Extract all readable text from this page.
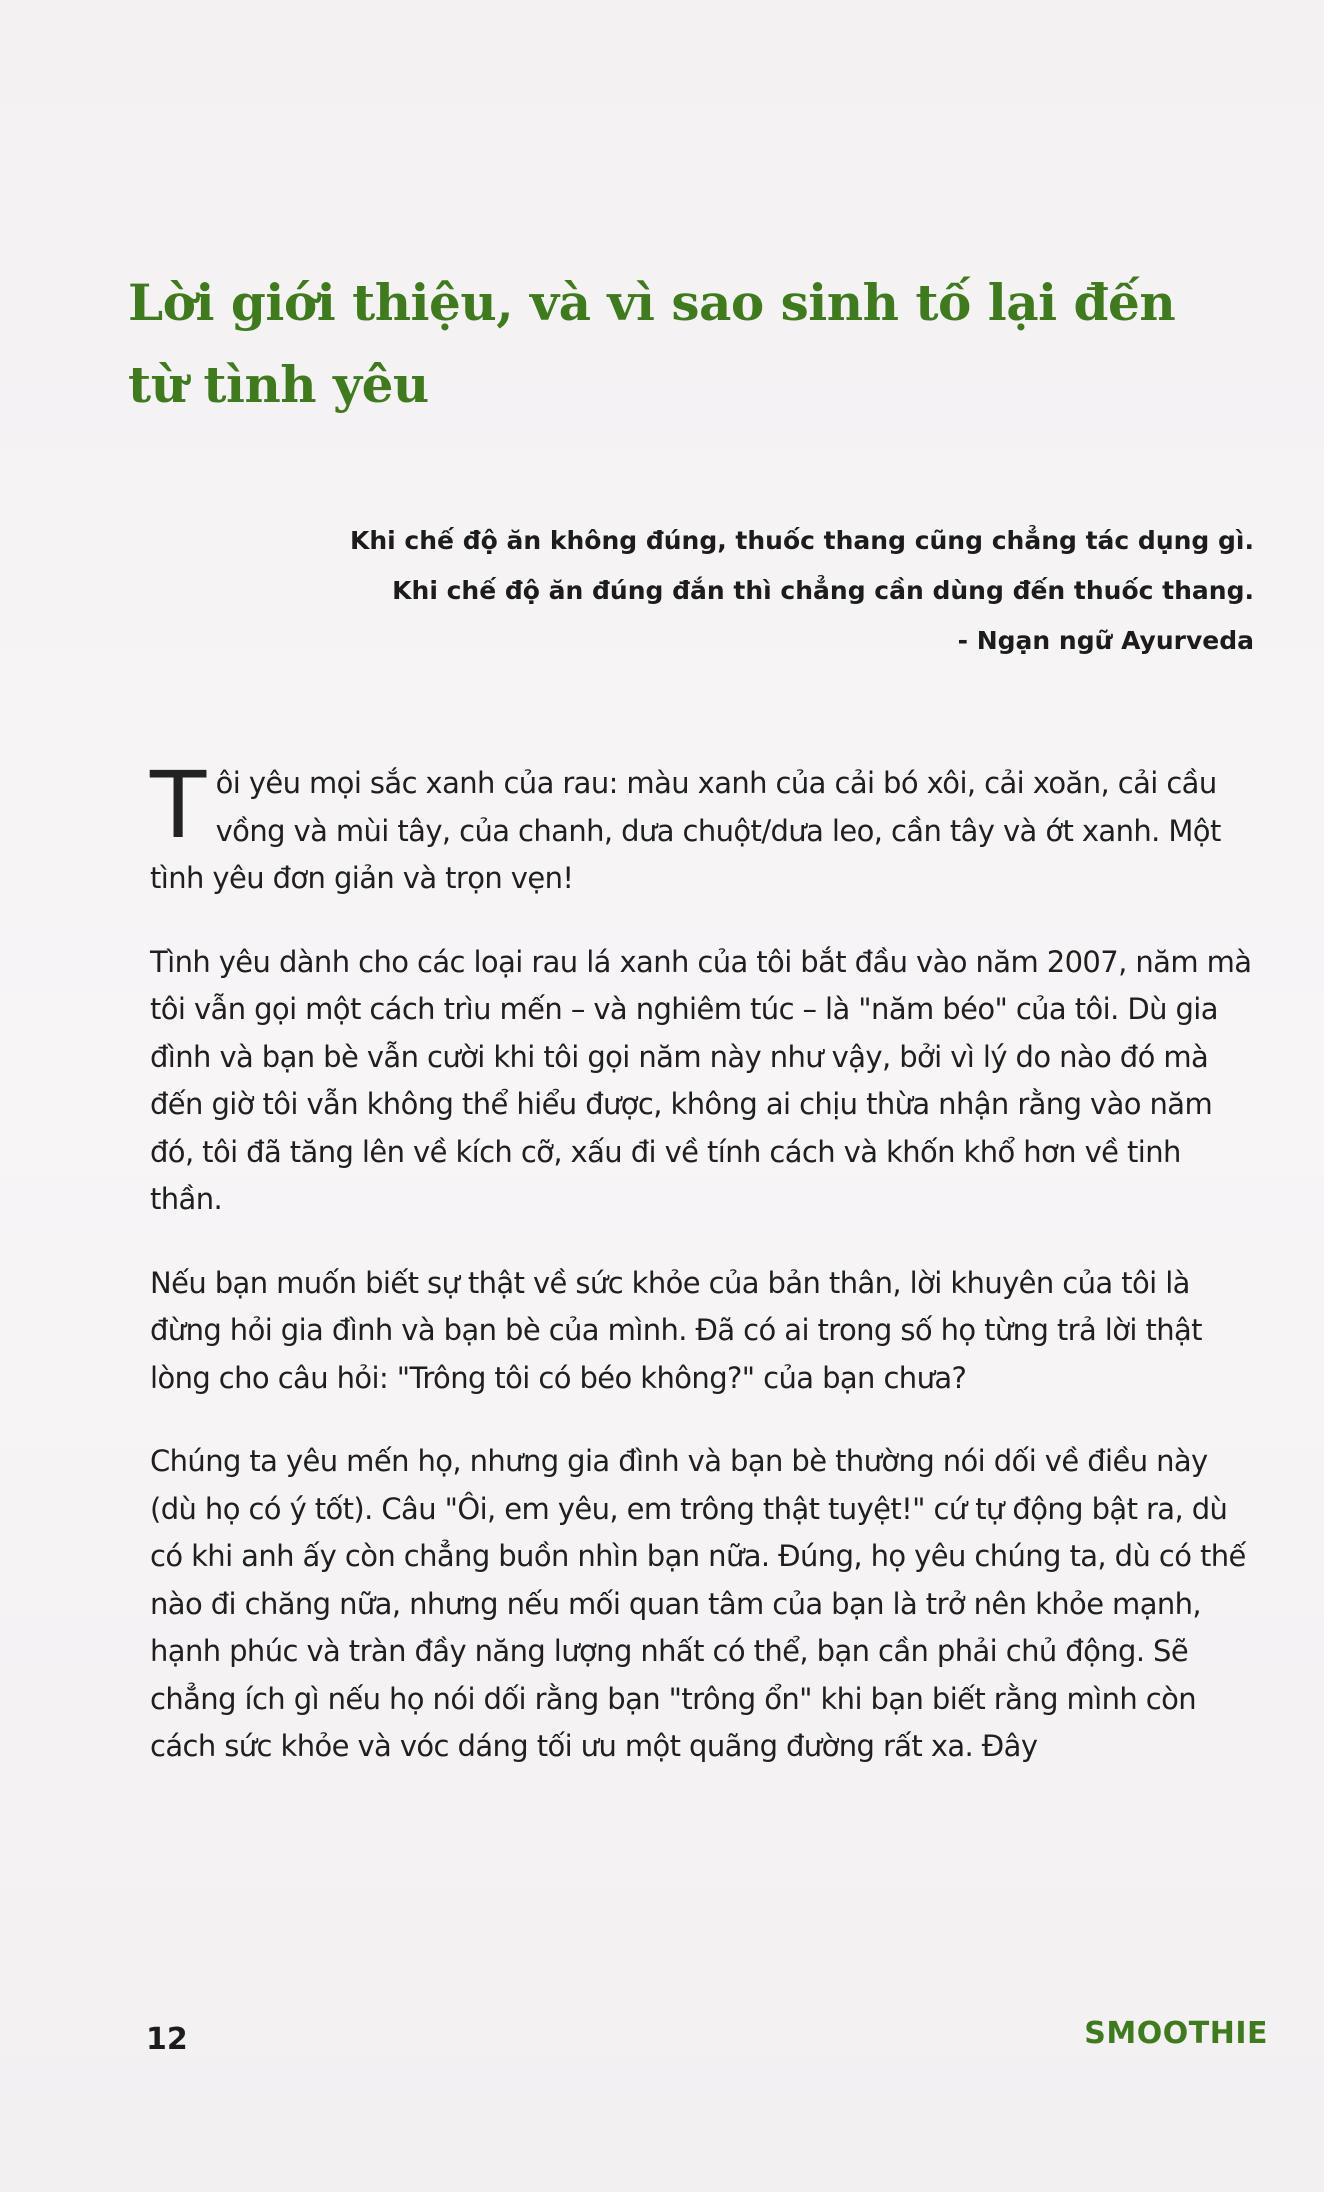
Lời giới thiệu, và vì sao sinh tố lại đến từ tình yêu
Khi chế độ ăn không đúng, thuốc thang cũng chẳng tác dụng gì.
Khi chế độ ăn đúng đắn thì chẳng cần dùng đến thuốc thang.
- Ngạn ngữ Ayurveda

Tôi yêu mọi sắc xanh của rau: màu xanh của cải bó xôi, cải xoăn, cải cầu vồng và mùi tây, của chanh, dưa chuột/dưa leo, cần tây và ớt xanh. Một tình yêu đơn giản và trọn vẹn!

Tình yêu dành cho các loại rau lá xanh của tôi bắt đầu vào năm 2007, năm mà tôi vẫn gọi một cách trìu mến – và nghiêm túc – là "năm béo" của tôi. Dù gia đình và bạn bè vẫn cười khi tôi gọi năm này như vậy, bởi vì lý do nào đó mà đến giờ tôi vẫn không thể hiểu được, không ai chịu thừa nhận rằng vào năm đó, tôi đã tăng lên về kích cỡ, xấu đi về tính cách và khốn khổ hơn về tinh thần.

Nếu bạn muốn biết sự thật về sức khỏe của bản thân, lời khuyên của tôi là đừng hỏi gia đình và bạn bè của mình. Đã có ai trong số họ từng trả lời thật lòng cho câu hỏi: "Trông tôi có béo không?" của bạn chưa?

Chúng ta yêu mến họ, nhưng gia đình và bạn bè thường nói dối về điều này (dù họ có ý tốt). Câu "Ôi, em yêu, em trông thật tuyệt!" cứ tự động bật ra, dù có khi anh ấy còn chẳng buồn nhìn bạn nữa. Đúng, họ yêu chúng ta, dù có thế nào đi chăng nữa, nhưng nếu mối quan tâm của bạn là trở nên khỏe mạnh, hạnh phúc và tràn đầy năng lượng nhất có thể, bạn cần phải chủ động. Sẽ chẳng ích gì nếu họ nói dối rằng bạn "trông ổn" khi bạn biết rằng mình còn cách sức khỏe và vóc dáng tối ưu một quãng đường rất xa. Đây

12	SMOOTHIE
